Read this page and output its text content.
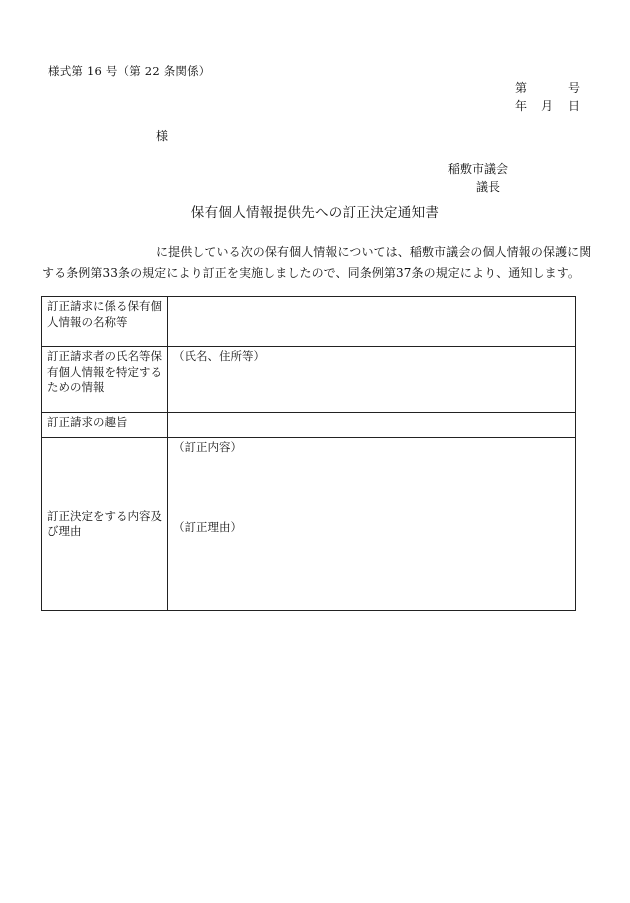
様式第 16 号（第 22 条関係）
第	号
年 月 日
様
稲敷市議会
議長
保有個人情報提供先への訂正決定通知書
に提供している次の保有個人情報については、稲敷市議会の個人情報の保護に関
する条例第33条の規定により訂正を実施しましたので、同条例第37条の規定により、通知します。
訂正請求に係る保有個人情報の名称等	
訂正請求者の氏名等保有個人情報を特定するための情報	（氏名、住所等）
訂正請求の趣旨	
訂正決定をする内容及び理由	（訂正内容）
（訂正理由）
